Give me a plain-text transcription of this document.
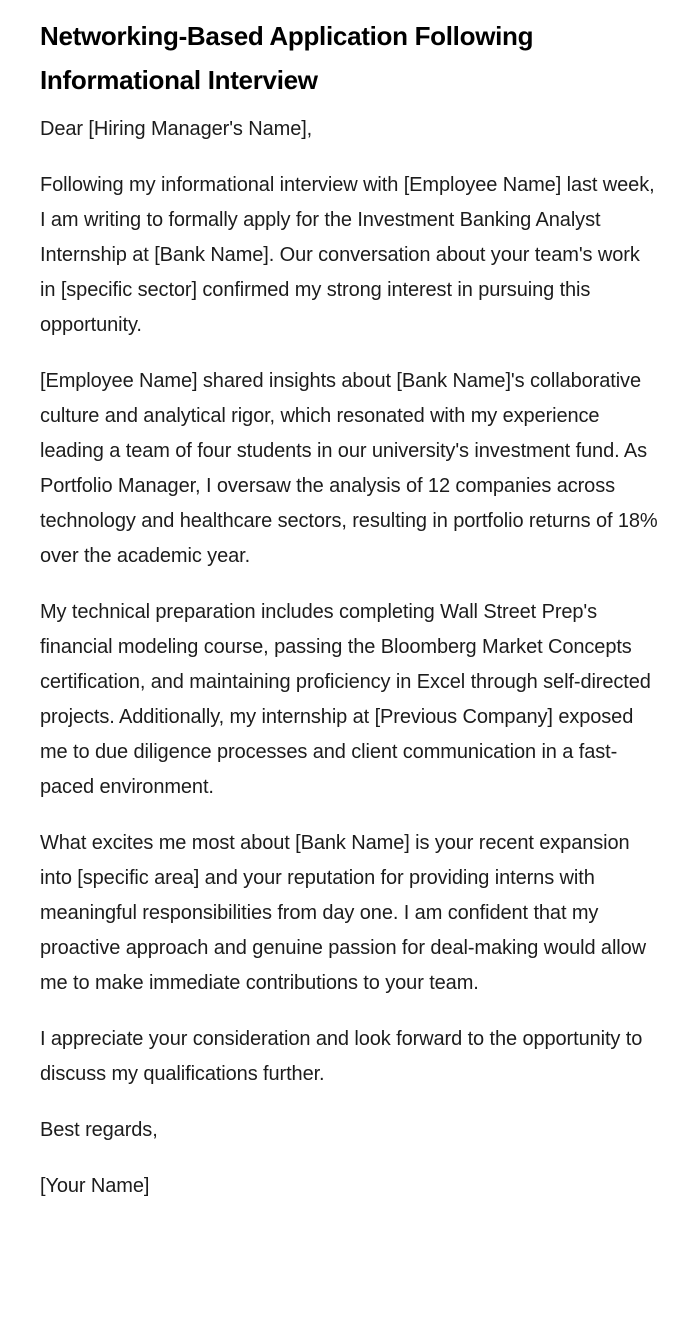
Networking-Based Application Following Informational Interview

Dear [Hiring Manager's Name],

Following my informational interview with [Employee Name] last week, I am writing to formally apply for the Investment Banking Analyst Internship at [Bank Name]. Our conversation about your team's work in [specific sector] confirmed my strong interest in pursuing this opportunity.

[Employee Name] shared insights about [Bank Name]'s collaborative culture and analytical rigor, which resonated with my experience leading a team of four students in our university's investment fund. As Portfolio Manager, I oversaw the analysis of 12 companies across technology and healthcare sectors, resulting in portfolio returns of 18% over the academic year.

My technical preparation includes completing Wall Street Prep's financial modeling course, passing the Bloomberg Market Concepts certification, and maintaining proficiency in Excel through self-directed projects. Additionally, my internship at [Previous Company] exposed me to due diligence processes and client communication in a fast-paced environment.

What excites me most about [Bank Name] is your recent expansion into [specific area] and your reputation for providing interns with meaningful responsibilities from day one. I am confident that my proactive approach and genuine passion for deal-making would allow me to make immediate contributions to your team.

I appreciate your consideration and look forward to the opportunity to discuss my qualifications further.

Best regards,

[Your Name]
